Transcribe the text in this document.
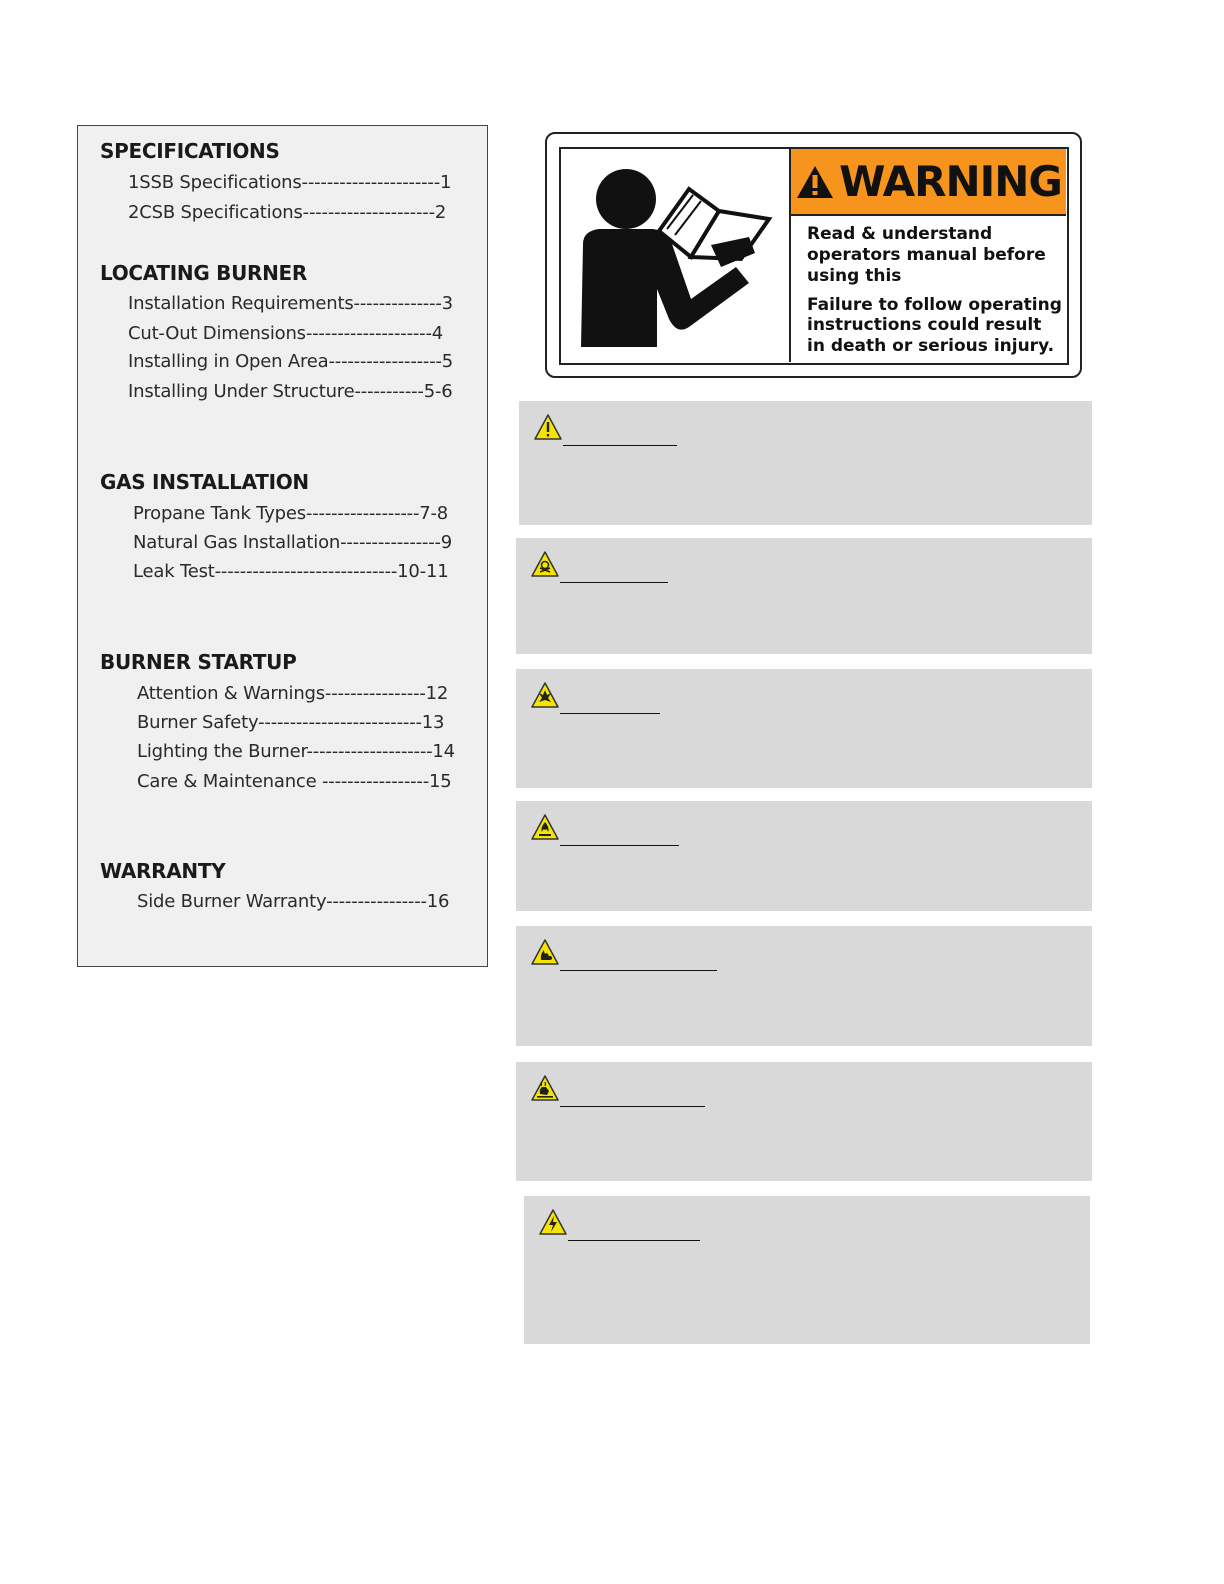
SPECIFICATIONS
1SSB Specifications----------------------1
2CSB Specifications---------------------2
LOCATING BURNER
Installation Requirements--------------3
Cut-Out Dimensions--------------------4
Installing in Open Area------------------5
Installing Under Structure-----------5-6
GAS INSTALLATION
Propane Tank Types------------------7-8
Natural Gas Installation----------------9
Leak Test-----------------------------10-11
BURNER STARTUP
Attention & Warnings----------------12
Burner Safety--------------------------13
Lighting the Burner--------------------14
Care & Maintenance -----------------15
WARRANTY
Side Burner Warranty----------------16
WARNING

Read & understand

operators manual before

using this

Failure to follow operating

instructions could result

in death or serious injury.
